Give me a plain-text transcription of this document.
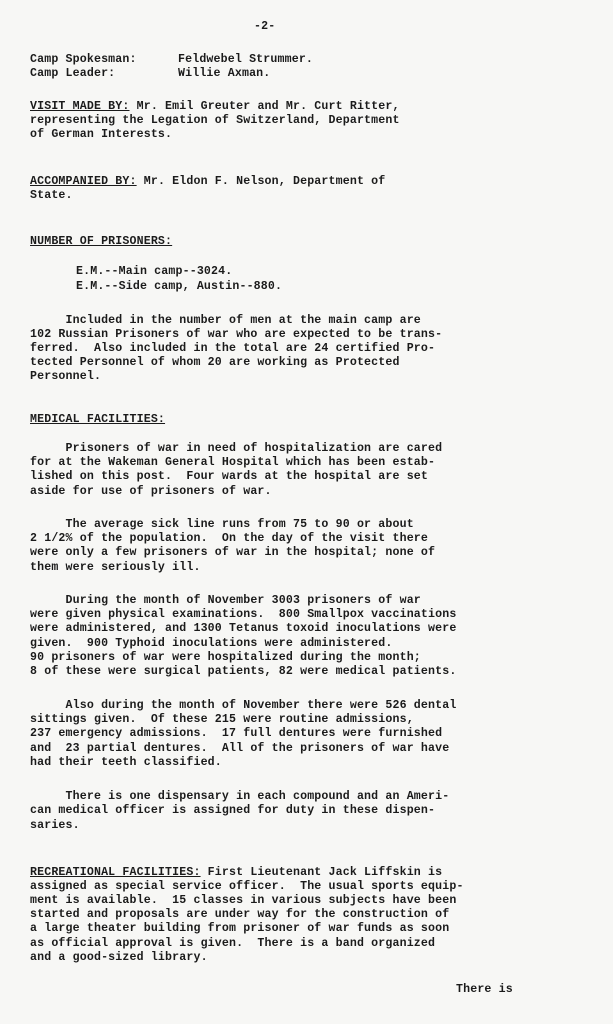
-2-
Camp Spokesman:	Feldwebel Strummer.
Camp Leader:	Willie Axman.
VISIT MADE BY: Mr. Emil Greuter and Mr. Curt Ritter,
representing the Legation of Switzerland, Department
of German Interests.
ACCOMPANIED BY: Mr. Eldon F. Nelson, Department of
State.
NUMBER OF PRISONERS:
E.M.--Main camp--3024.
E.M.--Side camp, Austin--880.
Included in the number of men at the main camp are
102 Russian Prisoners of war who are expected to be trans-
ferred.  Also included in the total are 24 certified Pro-
tected Personnel of whom 20 are working as Protected
Personnel.
MEDICAL FACILITIES:
Prisoners of war in need of hospitalization are cared
for at the Wakeman General Hospital which has been estab-
lished on this post.  Four wards at the hospital are set
aside for use of prisoners of war.
The average sick line runs from 75 to 90 or about
2 1/2% of the population.  On the day of the visit there
were only a few prisoners of war in the hospital; none of
them were seriously ill.
During the month of November 3003 prisoners of war
were given physical examinations.  800 Smallpox vaccinations
were administered, and 1300 Tetanus toxoid inoculations were
given.  900 Typhoid inoculations were administered.
90 prisoners of war were hospitalized during the month;
8 of these were surgical patients, 82 were medical patients.
Also during the month of November there were 526 dental
sittings given.  Of these 215 were routine admissions,
237 emergency admissions.  17 full dentures were furnished
and  23 partial dentures.  All of the prisoners of war have
had their teeth classified.
There is one dispensary in each compound and an Ameri-
can medical officer is assigned for duty in these dispen-
saries.
RECREATIONAL FACILITIES: First Lieutenant Jack Liffskin is
assigned as special service officer.  The usual sports equip-
ment is available.  15 classes in various subjects have been
started and proposals are under way for the construction of
a large theater building from prisoner of war funds as soon
as official approval is given.  There is a band organized
and a good-sized library.
There is
